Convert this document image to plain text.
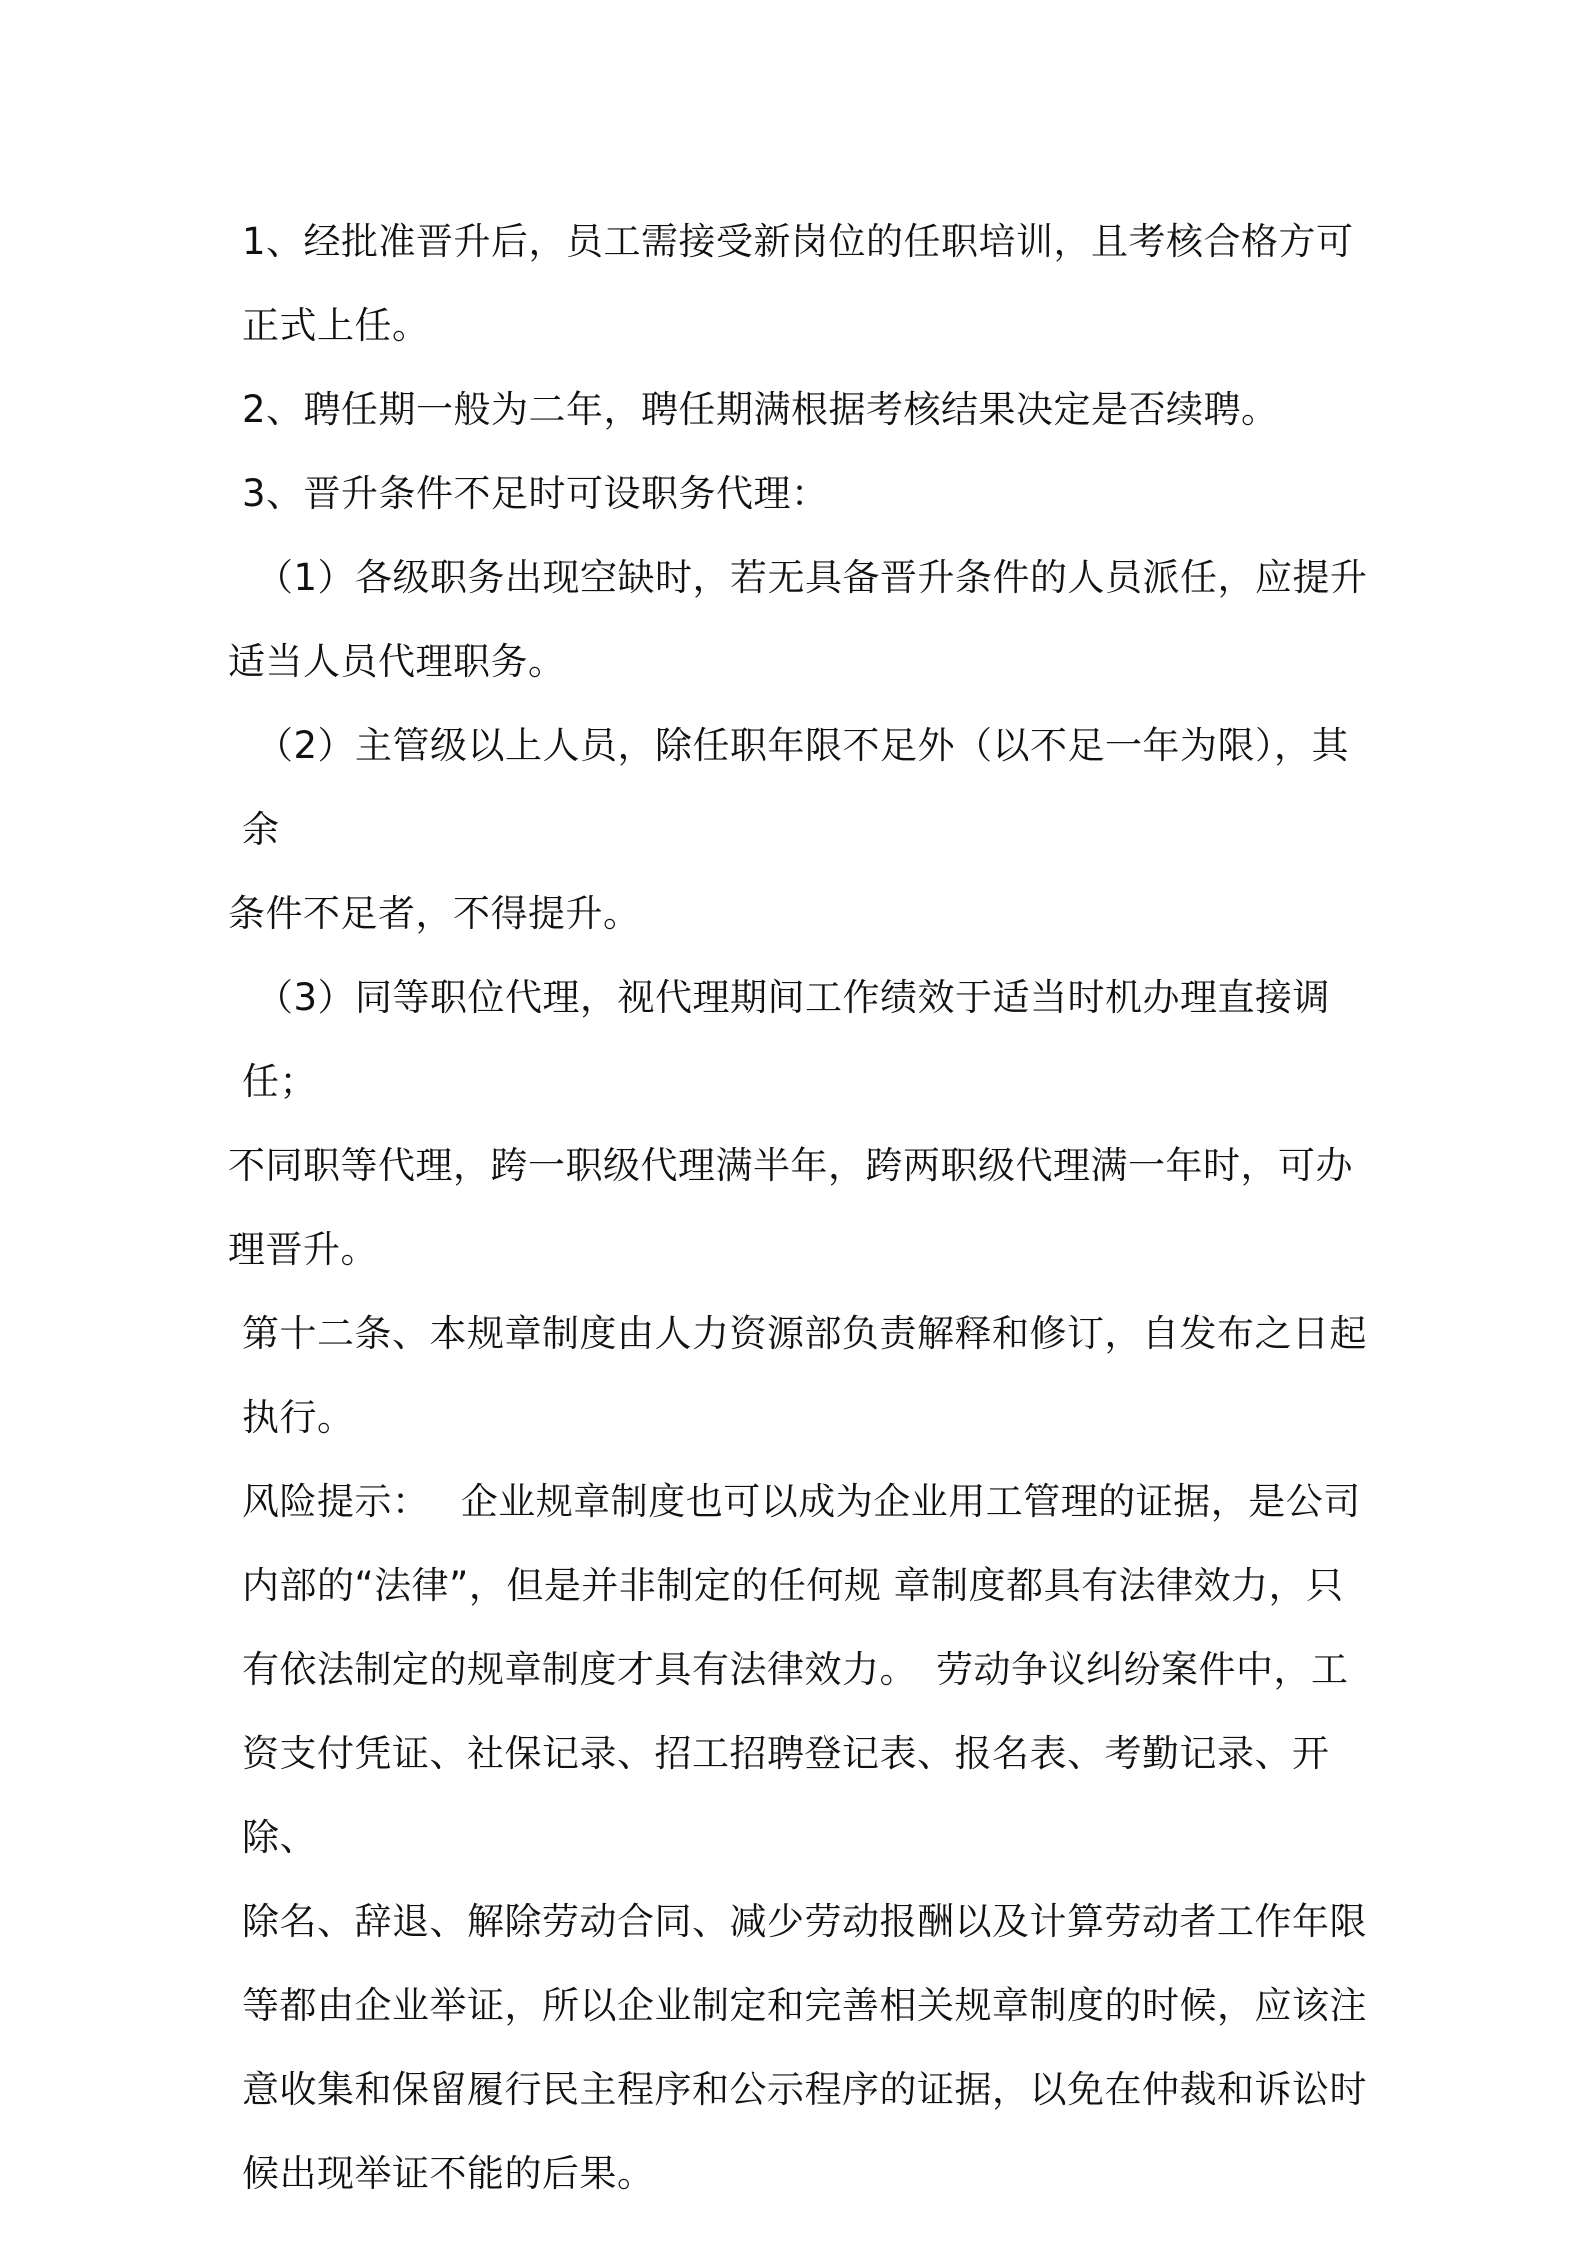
1、经批准晋升后，员工需接受新岗位的任职培训，且考核合格方可
正式上任。

2、聘任期一般为二年，聘任期满根据考核结果决定是否续聘。

3、晋升条件不足时可设职务代理：

（1）各级职务出现空缺时，若无具备晋升条件的人员派任，应提升
适当人员代理职务。

（2）主管级以上人员，除任职年限不足外（以不足一年为限），其余
条件不足者，不得提升。

（3）同等职位代理，视代理期间工作绩效于适当时机办理直接调任；
不同职等代理，跨一职级代理满半年，跨两职级代理满一年时，可办
理晋升。

第十二条、本规章制度由人力资源部负责解释和修订，自发布之日起
执行。

风险提示：　 企业规章制度也可以成为企业用工管理的证据，是公司
内部的“法律”，但是并非制定的任何规 章制度都具有法律效力，只
有依法制定的规章制度才具有法律效力。　劳动争议纠纷案件中，工
资支付凭证、社保记录、招工招聘登记表、报名表、考勤记录、开除、
除名、辞退、解除劳动合同、减少劳动报酬以及计算劳动者工作年限
等都由企业举证，所以企业制定和完善相关规章制度的时候，应该注
意收集和保留履行民主程序和公示程序的证据，以免在仲裁和诉讼时
候出现举证不能的后果。
